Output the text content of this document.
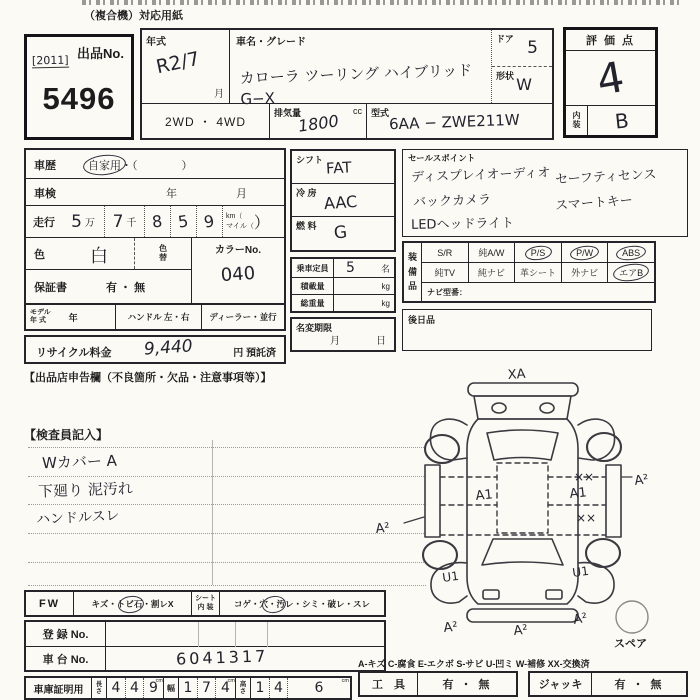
（複合機）対応用紙
出品No.
[2011]
5496
年式
R2/7
月
車名・グレード
カローラ ツーリング ハイブリッドG−X
ドア 5
形状 W
2WD ・ 4WD
排気量	cc
1800	型式 6AA − ZWE211W
評 価 点
4
内
装	B
車歴	自家用・（　　　　）
車検	年	月
走行 5 万 7 千 8 5 9 km（
マイル（ ）
色	白	色
替
保証書	有 ・ 無
カラーNo.
040
モデル
年 式	年	ハンドル 左・右	ディーラー・並行
リサイクル料金 9,440	円 預託済
【出品店申告欄（不良箇所・欠品・注意事項等）】
シフト FAT
冷 房 AAC
燃 料 G
乗車定員	5	名
積載量	kg
総重量	kg
名変期限
月	日
セールスポイント
ディスプレイオーディオ セーフティセンス
バックカメラ	スマートキー
LEDヘッドライト
装
備
品
S/R	純A/W	P/S	P/W	ABS
純TV	純ナビ 革シート 外ナビ エアB
ナビ型番：
後日品
【検査員記入】
Wカバー A
下廻り 泥汚れ
ハンドルスレ
XA
A1
××
A1
××
U1	U1
A²
A²
A²	A²
A²
スペア
FW	キズ・トビ石・割レX	シート
内 装	コゲ・穴・汚レ・シミ・破レ・スレ
登 録 No.
車 台 No.	6041317
車庫証明用
長
さ 4 4 9
cm
幅 1 7 4
cm 高
さ 1 4 6	cm
A-キズ C-腐食 E-エクボ S-サビ U-凹ミ W-補修 XX-交換済
工　具	有 ・ 無	ジャッキ	有 ・ 無
